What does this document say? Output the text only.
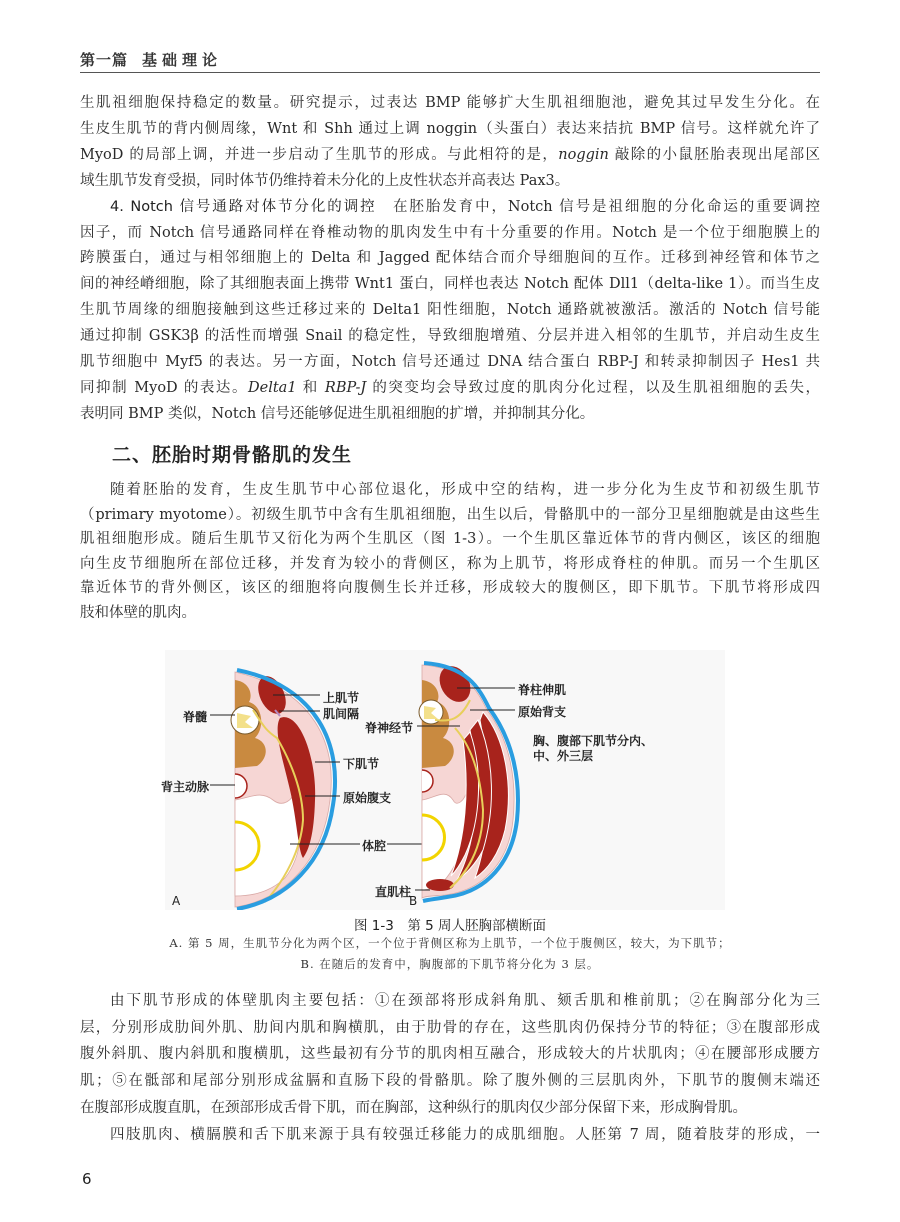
第一篇 基础理论
生肌祖细胞保持稳定的数量。研究提示，过表达 BMP 能够扩大生肌祖细胞池，避免其过早发生分化。在
生皮生肌节的背内侧周缘，Wnt 和 Shh 通过上调 noggin（头蛋白）表达来拮抗 BMP 信号。这样就允许了
MyoD 的局部上调，并进一步启动了生肌节的形成。与此相符的是，noggin 敲除的小鼠胚胎表现出尾部区
域生肌节发育受损，同时体节仍维持着未分化的上皮性状态并高表达 Pax3。
4. Notch 信号通路对体节分化的调控　在胚胎发育中，Notch 信号是祖细胞的分化命运的重要调控
因子，而 Notch 信号通路同样在脊椎动物的肌肉发生中有十分重要的作用。Notch 是一个位于细胞膜上的
跨膜蛋白，通过与相邻细胞上的 Delta 和 Jagged 配体结合而介导细胞间的互作。迁移到神经管和体节之
间的神经嵴细胞，除了其细胞表面上携带 Wnt1 蛋白，同样也表达 Notch 配体 Dll1（delta-like 1）。而当生皮
生肌节周缘的细胞接触到这些迁移过来的 Delta1 阳性细胞，Notch 通路就被激活。激活的 Notch 信号能
通过抑制 GSK3β 的活性而增强 Snail 的稳定性，导致细胞增殖、分层并进入相邻的生肌节，并启动生皮生
肌节细胞中 Myf5 的表达。另一方面，Notch 信号还通过 DNA 结合蛋白 RBP-J 和转录抑制因子 Hes1 共
同抑制 MyoD 的表达。Delta1 和 RBP-J 的突变均会导致过度的肌肉分化过程，以及生肌祖细胞的丢失，
表明同 BMP 类似，Notch 信号还能够促进生肌祖细胞的扩增，并抑制其分化。
二、胚胎时期骨骼肌的发生
随着胚胎的发育，生皮生肌节中心部位退化，形成中空的结构，进一步分化为生皮节和初级生肌节
（primary myotome）。初级生肌节中含有生肌祖细胞，出生以后，骨骼肌中的一部分卫星细胞就是由这些生
肌祖细胞形成。随后生肌节又衍化为两个生肌区（图 1-3）。一个生肌区靠近体节的背内侧区，该区的细胞
向生皮节细胞所在部位迁移，并发育为较小的背侧区，称为上肌节，将形成脊柱的伸肌。而另一个生肌区
靠近体节的背外侧区，该区的细胞将向腹侧生长并迁移，形成较大的腹侧区，即下肌节。下肌节将形成四
肢和体壁的肌肉。
上肌节
肌间隔
脊髓
下肌节
背主动脉
原始腹支
体腔
脊柱伸肌
原始背支
脊神经节
胸、腹部下肌节分内、
中、外三层
直肌柱
A	B
图 1-3　第 5 周人胚胸部横断面
A. 第 5 周，生肌节分化为两个区，一个位于背侧区称为上肌节，一个位于腹侧区，较大，为下肌节；
B. 在随后的发育中，胸腹部的下肌节将分化为 3 层。
由下肌节形成的体壁肌肉主要包括：①在颈部将形成斜角肌、颏舌肌和椎前肌；②在胸部分化为三
层，分别形成肋间外肌、肋间内肌和胸横肌，由于肋骨的存在，这些肌肉仍保持分节的特征；③在腹部形成
腹外斜肌、腹内斜肌和腹横肌，这些最初有分节的肌肉相互融合，形成较大的片状肌肉；④在腰部形成腰方
肌；⑤在骶部和尾部分别形成盆膈和直肠下段的骨骼肌。除了腹外侧的三层肌肉外，下肌节的腹侧末端还
在腹部形成腹直肌，在颈部形成舌骨下肌，而在胸部，这种纵行的肌肉仅少部分保留下来，形成胸骨肌。
四肢肌肉、横膈膜和舌下肌来源于具有较强迁移能力的成肌细胞。人胚第 7 周，随着肢芽的形成，一
6
